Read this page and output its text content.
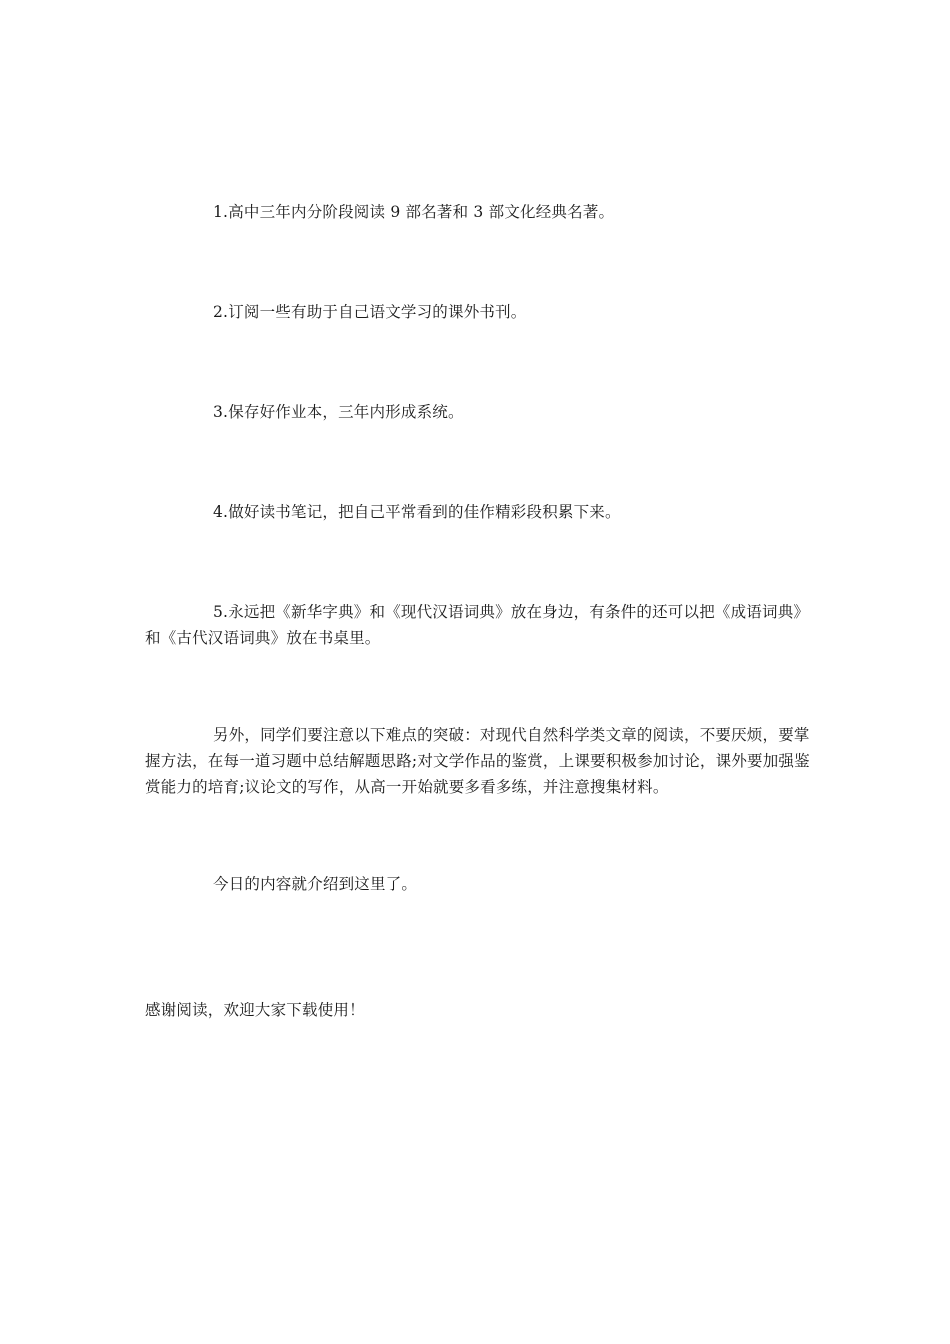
1.高中三年内分阶段阅读 9 部名著和 3 部文化经典名著。

2.订阅一些有助于自己语文学习的课外书刊。

3.保存好作业本，三年内形成系统。

4.做好读书笔记，把自己平常看到的佳作精彩段积累下来。

5.永远把《新华字典》和《现代汉语词典》放在身边，有条件的还可以把《成语词典》和《古代汉语词典》放在书桌里。

另外，同学们要注意以下难点的突破：对现代自然科学类文章的阅读，不要厌烦，要掌握方法，在每一道习题中总结解题思路;对文学作品的鉴赏，上课要积极参加讨论，课外要加强鉴赏能力的培育;议论文的写作，从高一开始就要多看多练，并注意搜集材料。

今日的内容就介绍到这里了。

感谢阅读，欢迎大家下载使用！
